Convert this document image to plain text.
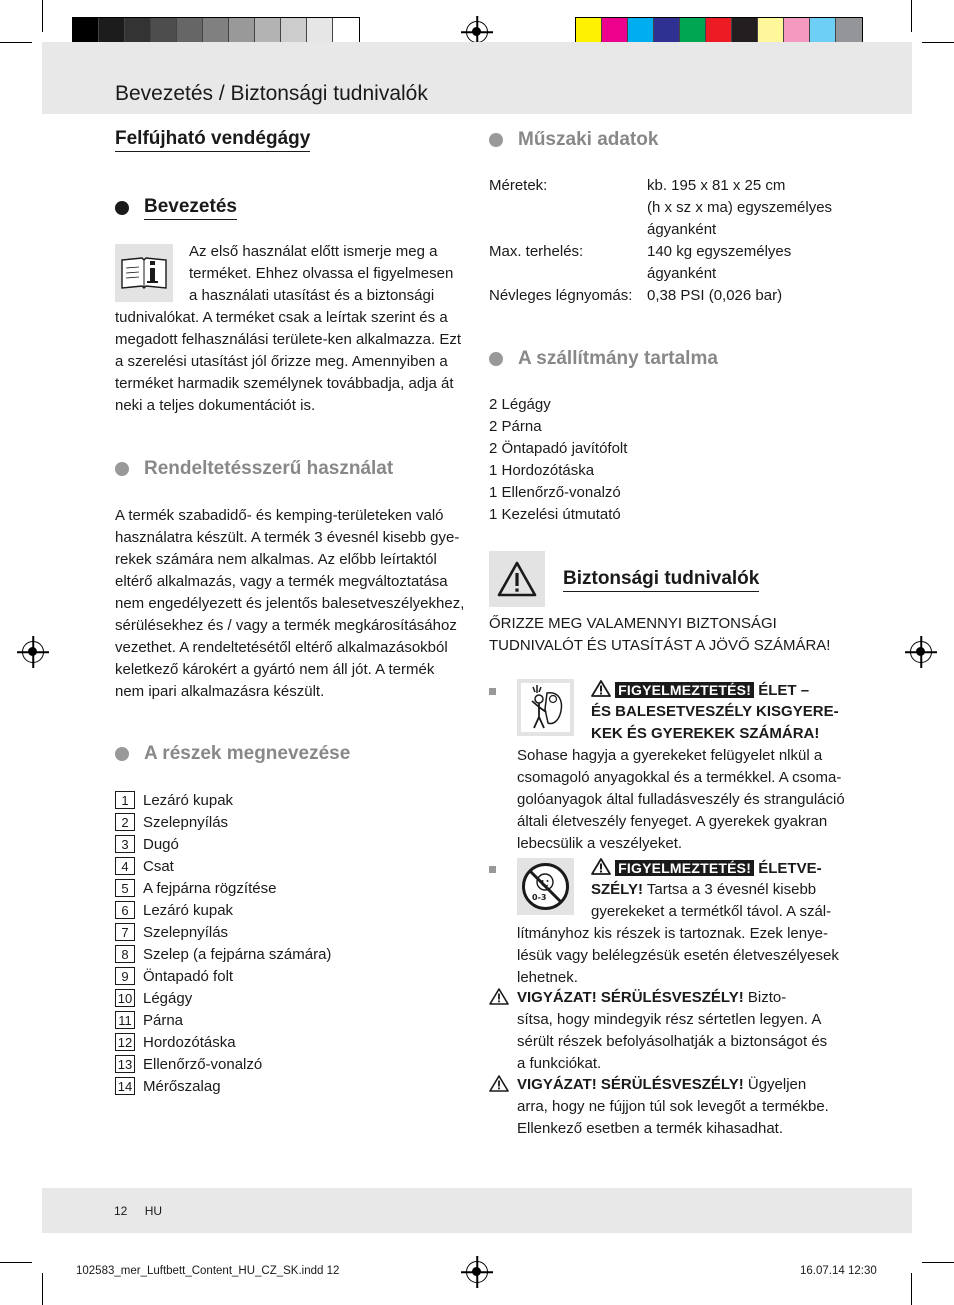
Bevezetés / Biztonsági tudnivalók
Felfújható vendégágy
Bevezetés
Az első használat előtt ismerje meg a
terméket. Ehhez olvassa el figyelmesen
a használati utasítást és a biztonsági
tudnivalókat. A terméket csak a leírtak szerint és a
megadott felhasználási területe-ken alkalmazza. Ezt
a szerelési utasítást jól őrizze meg. Amennyiben a
terméket harmadik személynek továbbadja, adja át
neki a teljes dokumentációt is.
Rendeltetésszerű használat
A termék szabadidő- és kemping-területeken való
használatra készült. A termék 3 évesnél kisebb gye-
rekek számára nem alkalmas. Az előbb leírtaktól
eltérő alkalmazás, vagy a termék megváltoztatása
nem engedélyezett és jelentős balesetveszélyekhez,
sérülésekhez és / vagy a termék megkárosításához
vezethet. A rendeltetésétől eltérő alkalmazásokból
keletkező károkért a gyártó nem áll jót. A termék
nem ipari alkalmazásra készült.
A részek megnevezése
1 Lezáró kupak
2 Szelepnyílás
3 Dugó
4 Csat
5 A fejpárna rögzítése
6 Lezáró kupak
7 Szelepnyílás
8 Szelep (a fejpárna számára)
9 Öntapadó folt
10 Légágy
11 Párna
12 Hordozótáska
13 Ellenőrző-vonalzó
14 Mérőszalag
Műszaki adatok
Méretek:	kb. 195 x 81 x 25 cm
(h x sz x ma) egyszemélyes
ágyanként
Max. terhelés:	140 kg egyszemélyes
ágyanként
Névleges légnyomás: 0,38 PSI (0,026 bar)
A szállítmány tartalma
2 Légágy
2 Párna
2 Öntapadó javítófolt
1 Hordozótáska
1 Ellenőrző-vonalzó
1 Kezelési útmutató
Biztonsági tudnivalók
ŐRIZZE MEG VALAMENNYI BIZTONSÁGI
TUDNIVALÓT ÉS UTASÍTÁST A JÖVŐ SZÁMÁRA!
FIGYELMEZTETÉS! ÉLET –
ÉS BALESETVESZÉLY KISGYERE-
KEK ÉS GYEREKEK SZÁMÁRA!
Sohase hagyja a gyerekeket felügyelet nlkül a
csomagoló anyagokkal és a termékkel. A csoma-
golóanyagok által fulladásveszély és stranguláció
általi életveszély fenyeget. A gyerekek gyakran
lebecsülik a veszélyeket.
0-3
FIGYELMEZTETÉS! ÉLETVE-
SZÉLY! Tartsa a 3 évesnél kisebb
gyerekeket a termétkől távol. A szál-
lítmányhoz kis részek is tartoznak. Ezek lenye-
lésük vagy belélegzésük esetén életveszélyesek
lehetnek.
VIGYÁZAT! SÉRÜLÉSVESZÉLY! Bizto-
sítsa, hogy mindegyik rész sértetlen legyen. A
sérült részek befolyásolhatják a biztonságot és
a funkciókat.
VIGYÁZAT! SÉRÜLÉSVESZÉLY! Ügyeljen
arra, hogy ne fújjon túl sok levegőt a termékbe.
Ellenkező esetben a termék kihasadhat.
12 HU
102583_mer_Luftbett_Content_HU_CZ_SK.indd 12	16.07.14 12:30
